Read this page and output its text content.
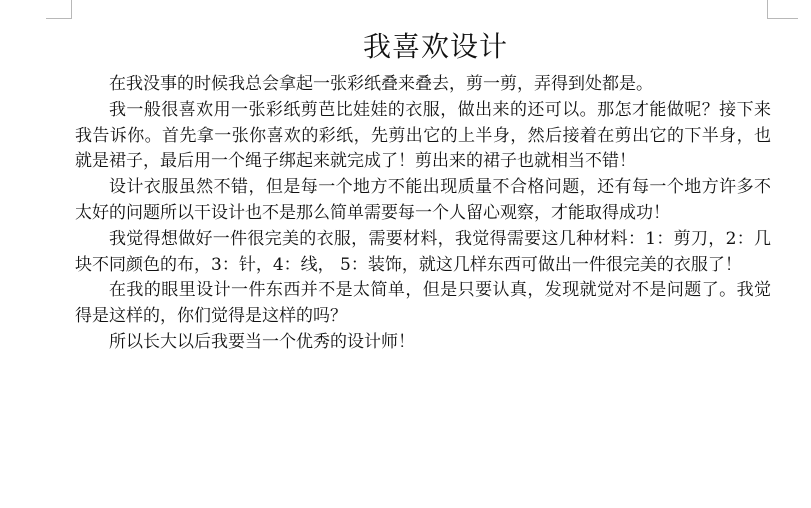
我喜欢设计

在我没事的时候我总会拿起一张彩纸叠来叠去，剪一剪，弄得到处都是。

我一般很喜欢用一张彩纸剪芭比娃娃的衣服，做出来的还可以。那怎才能做呢？接下来我告诉你。首先拿一张你喜欢的彩纸，先剪出它的上半身，然后接着在剪出它的下半身，也就是裙子，最后用一个绳子绑起来就完成了！剪出来的裙子也就相当不错！

设计衣服虽然不错，但是每一个地方不能出现质量不合格问题，还有每一个地方许多不太好的问题所以干设计也不是那么简单需要每一个人留心观察，才能取得成功！

我觉得想做好一件很完美的衣服，需要材料，我觉得需要这几种材料：1：剪刀，2：几块不同颜色的布，3：针，4：线， 5：装饰，就这几样东西可做出一件很完美的衣服了！

在我的眼里设计一件东西并不是太简单，但是只要认真，发现就觉对不是问题了。我觉得是这样的，你们觉得是这样的吗？

所以长大以后我要当一个优秀的设计师！
